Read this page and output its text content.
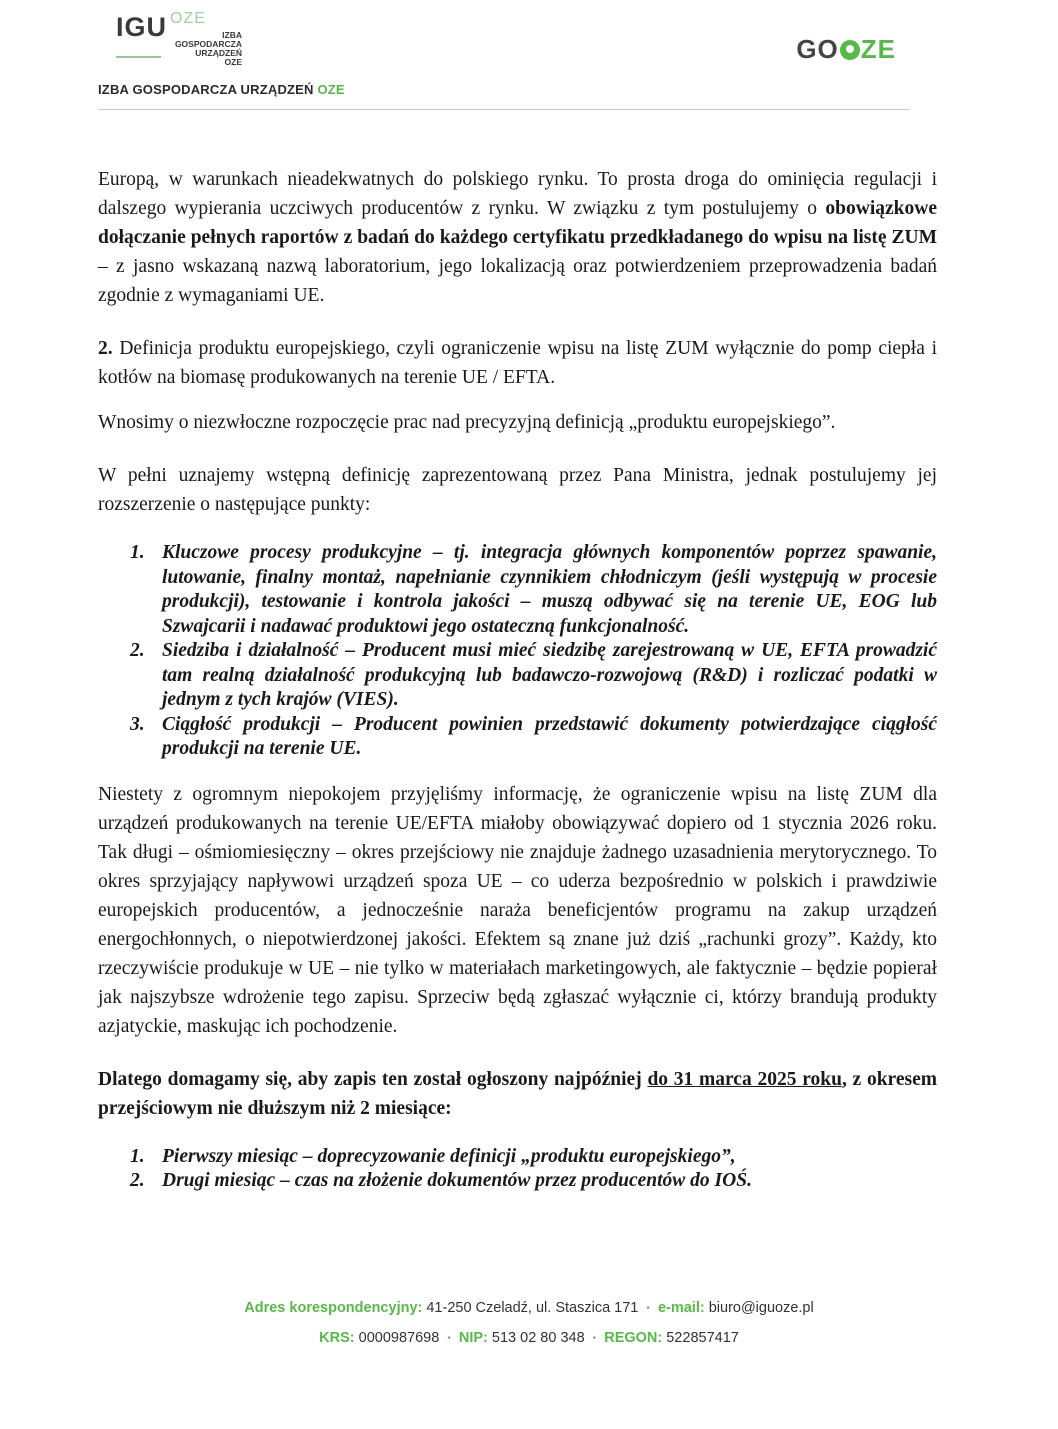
IGU OZE
IZBA
GOSPODARCZA
URZĄDZEŃ
OZE
IZBA GOSPODARCZA URZĄDZEŃ OZE
GO ZE

Europą, w warunkach nieadekwatnych do polskiego rynku. To prosta droga do ominięcia regulacji i dalszego wypierania uczciwych producentów z rynku. W związku z tym postulujemy o obowiązkowe dołączanie pełnych raportów z badań do każdego certyfikatu przedkładanego do wpisu na listę ZUM – z jasno wskazaną nazwą laboratorium, jego lokalizacją oraz potwierdzeniem przeprowadzenia badań zgodnie z wymaganiami UE.

2. Definicja produktu europejskiego, czyli ograniczenie wpisu na listę ZUM wyłącznie do pomp ciepła i kotłów na biomasę produkowanych na terenie UE / EFTA.

Wnosimy o niezwłoczne rozpoczęcie prac nad precyzyjną definicją „produktu europejskiego”.

W pełni uznajemy wstępną definicję zaprezentowaną przez Pana Ministra, jednak postulujemy jej rozszerzenie o następujące punkty:

1. Kluczowe procesy produkcyjne – tj. integracja głównych komponentów poprzez spawanie, lutowanie, finalny montaż, napełnianie czynnikiem chłodniczym (jeśli występują w procesie produkcji), testowanie i kontrola jakości – muszą odbywać się na terenie UE, EOG lub Szwajcarii i nadawać produktowi jego ostateczną funkcjonalność.
2. Siedziba i działalność – Producent musi mieć siedzibę zarejestrowaną w UE, EFTA prowadzić tam realną działalność produkcyjną lub badawczo-rozwojową (R&D) i rozliczać podatki w jednym z tych krajów (VIES).
3. Ciągłość produkcji – Producent powinien przedstawić dokumenty potwierdzające ciągłość produkcji na terenie UE.

Niestety z ogromnym niepokojem przyjęliśmy informację, że ograniczenie wpisu na listę ZUM dla urządzeń produkowanych na terenie UE/EFTA miałoby obowiązywać dopiero od 1 stycznia 2026 roku. Tak długi – ośmiomiesięczny – okres przejściowy nie znajduje żadnego uzasadnienia merytorycznego. To okres sprzyjający napływowi urządzeń spoza UE – co uderza bezpośrednio w polskich i prawdziwie europejskich producentów, a jednocześnie naraża beneficjentów programu na zakup urządzeń energochłonnych, o niepotwierdzonej jakości. Efektem są znane już dziś „rachunki grozy”. Każdy, kto rzeczywiście produkuje w UE – nie tylko w materiałach marketingowych, ale faktycznie – będzie popierał jak najszybsze wdrożenie tego zapisu. Sprzeciw będą zgłaszać wyłącznie ci, którzy brandują produkty azjatyckie, maskując ich pochodzenie.

Dlatego domagamy się, aby zapis ten został ogłoszony najpóźniej do 31 marca 2025 roku, z okresem przejściowym nie dłuższym niż 2 miesiące:

1. Pierwszy miesiąc – doprecyzowanie definicji „produktu europejskiego”,
2. Drugi miesiąc – czas na złożenie dokumentów przez producentów do IOŚ.
Adres korespondencyjny: 41-250 Czeladź, ul. Staszica 171 • e-mail: biuro@iguoze.pl
KRS: 0000987698 • NIP: 513 02 80 348 • REGON: 522857417
